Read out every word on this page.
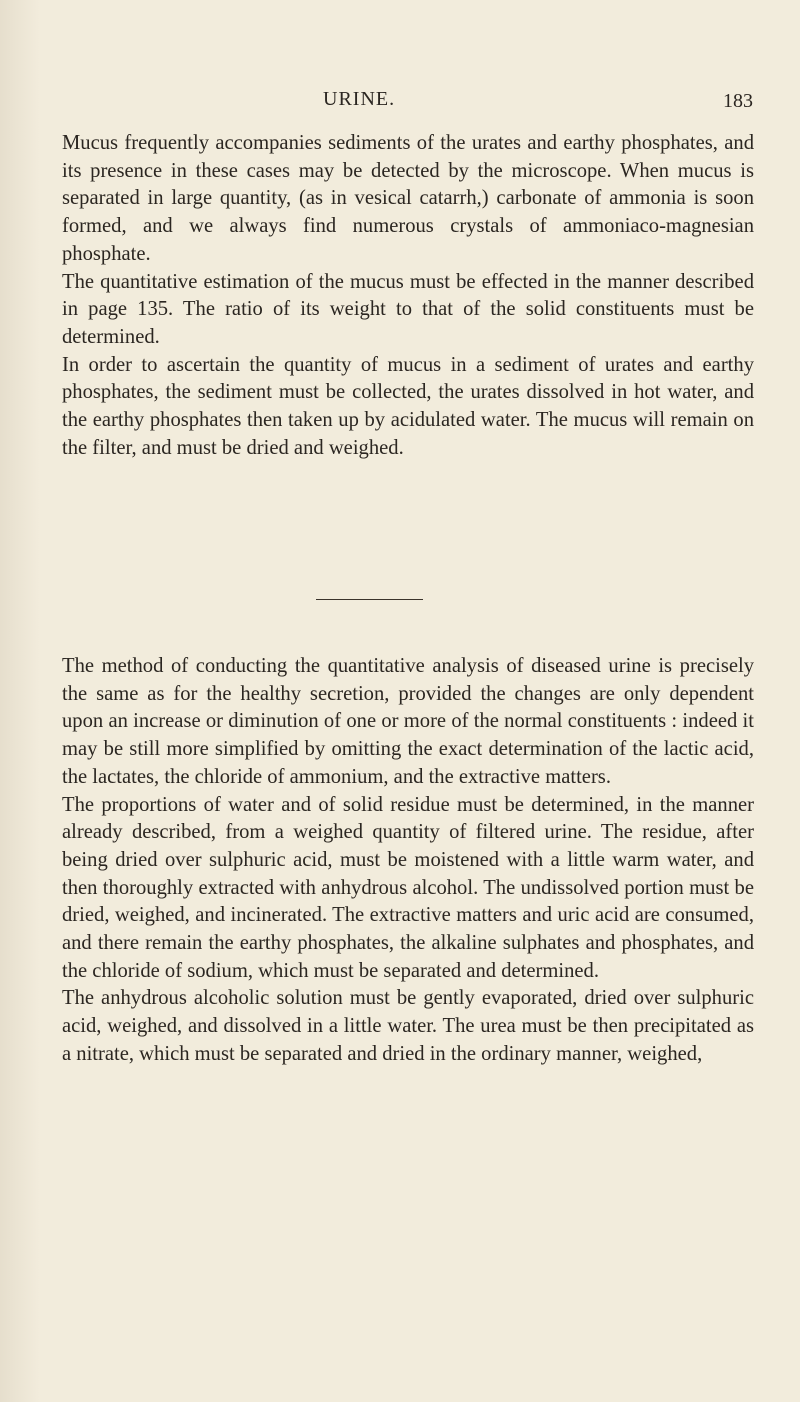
URINE.	183

Mucus frequently accompanies sediments of the urates and earthy phosphates, and its presence in these cases may be detected by the microscope. When mucus is separated in large quantity, (as in vesical catarrh,) carbonate of ammonia is soon formed, and we always find numerous crystals of ammoniaco-magnesian phosphate.

The quantitative estimation of the mucus must be effected in the manner described in page 135. The ratio of its weight to that of the solid constituents must be determined.

In order to ascertain the quantity of mucus in a sediment of urates and earthy phosphates, the sediment must be collected, the urates dissolved in hot water, and the earthy phosphates then taken up by acidulated water. The mucus will remain on the filter, and must be dried and weighed.

The method of conducting the quantitative analysis of diseased urine is precisely the same as for the healthy secretion, provided the changes are only dependent upon an increase or diminution of one or more of the normal constituents : indeed it may be still more simplified by omitting the exact determination of the lactic acid, the lactates, the chloride of ammonium, and the extractive matters.

The proportions of water and of solid residue must be determined, in the manner already described, from a weighed quantity of filtered urine. The residue, after being dried over sulphuric acid, must be moistened with a little warm water, and then thoroughly extracted with anhydrous alcohol. The undissolved portion must be dried, weighed, and incinerated. The extractive matters and uric acid are consumed, and there remain the earthy phosphates, the alkaline sulphates and phosphates, and the chloride of sodium, which must be separated and determined.

The anhydrous alcoholic solution must be gently evaporated, dried over sulphuric acid, weighed, and dissolved in a little water. The urea must be then precipitated as a nitrate, which must be separated and dried in the ordinary manner, weighed,
